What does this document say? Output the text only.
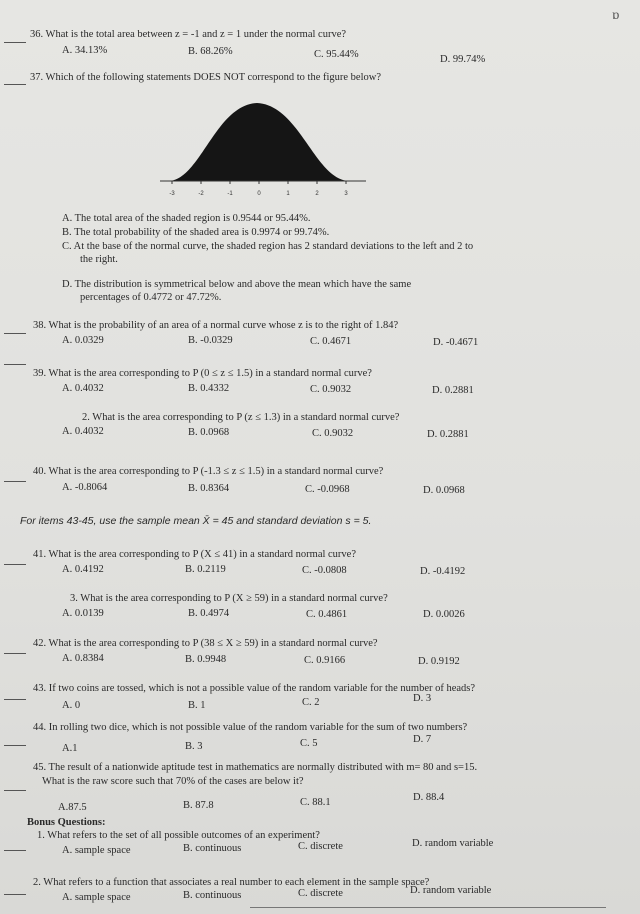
ɒ
36. What is the total area between z = -1 and z = 1 under the normal curve?
A. 34.13%	B. 68.26%	C. 95.44%	D. 99.74%
37. Which of the following statements DOES NOT correspond to the figure below?
-3	-2	-1	0	1	2	3
A. The total area of the shaded region is 0.9544 or 95.44%.
B. The total probability of the shaded area is 0.9974 or 99.74%.
C. At the base of the normal curve, the shaded region has 2 standard deviations to the left and 2 to
the right.
D. The distribution is symmetrical below and above the mean which have the same
percentages of 0.4772 or 47.72%.
38. What is the probability of an area of a normal curve whose z is to the right of 1.84?
A. 0.0329	B. -0.0329	C. 0.4671	D. -0.4671
39. What is the area corresponding to P (0 ≤ z ≤ 1.5) in a standard normal curve?
A. 0.4032	B. 0.4332	C. 0.9032	D. 0.2881
2. What is the area corresponding to P (z ≤ 1.3) in a standard normal curve?
A. 0.4032	B. 0.0968	C. 0.9032	D. 0.2881
40. What is the area corresponding to P (-1.3 ≤ z ≤ 1.5) in a standard normal curve?
A. -0.8064	B. 0.8364	C. -0.0968	D. 0.0968
For items 43-45, use the sample mean X̄ = 45 and standard deviation s = 5.
41. What is the area corresponding to P (X ≤ 41) in a standard normal curve?
A. 0.4192	B. 0.2119	C. -0.0808	D. -0.4192
3. What is the area corresponding to P (X ≥ 59) in a standard normal curve?
A. 0.0139	B. 0.4974	C. 0.4861	D. 0.0026
42. What is the area corresponding to P (38 ≤ X ≥ 59) in a standard normal curve?
A. 0.8384	B. 0.9948	C. 0.9166	D. 0.9192
43. If two coins are tossed, which is not a possible value of the random variable for the number of heads?
A. 0	B. 1	C. 2	D. 3
44. In rolling two dice, which is not possible value of the random variable for the sum of two numbers?
A.1	B. 3	C. 5	D. 7
45. The result of a nationwide aptitude test in mathematics are normally distributed with m= 80 and s=15.
What is the raw score such that 70% of the cases are below it?
A.87.5	B. 87.8	C. 88.1	D. 88.4
Bonus Questions:
1. What refers to the set of all possible outcomes of an experiment?
A. sample space	B. continuous	C. discrete	D. random variable
2. What refers to a function that associates a real number to each element in the sample space?
A. sample space	B. continuous	C. discrete	D. random variable
